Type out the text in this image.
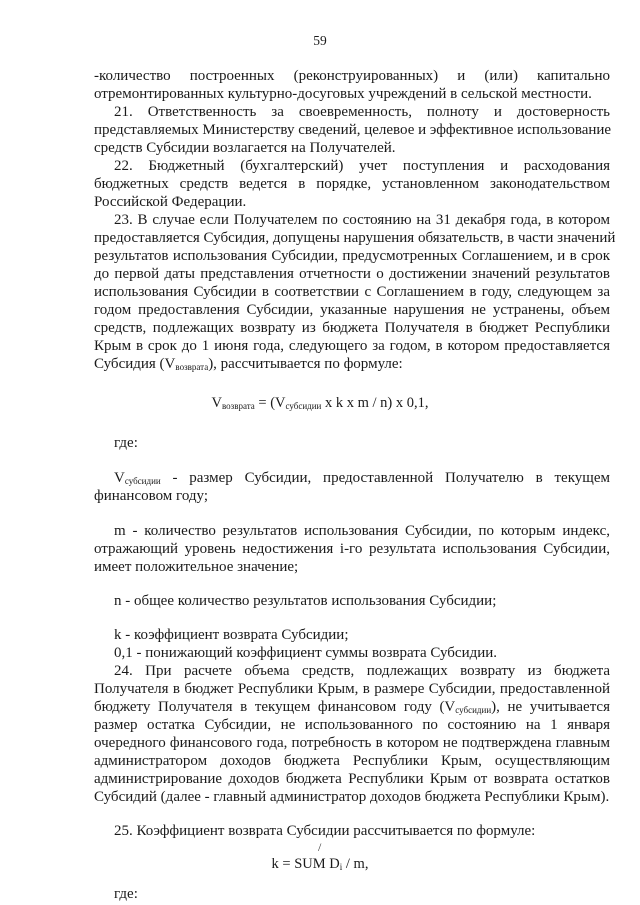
59
-количество построенных (реконструированных) и (или) капитально
отремонтированных культурно-досуговых учреждений в сельской местности.
21. Ответственность за своевременность, полноту и достоверность
представляемых Министерству сведений, целевое и эффективное использование
средств Субсидии возлагается на Получателей.
22. Бюджетный (бухгалтерский) учет поступления и расходования
бюджетных средств ведется в порядке, установленном законодательством
Российской Федерации.
23. В случае если Получателем по состоянию на 31 декабря года, в котором
предоставляется Субсидия, допущены нарушения обязательств, в части значений
результатов использования Субсидии, предусмотренных Соглашением, и в срок
до первой даты представления отчетности о достижении значений результатов
использования Субсидии в соответствии с Соглашением в году, следующем за
годом предоставления Субсидии, указанные нарушения не устранены, объем
средств, подлежащих возврату из бюджета Получателя в бюджет Республики
Крым в срок до 1 июня года, следующего за годом, в котором предоставляется
Субсидия (Vвозврата), рассчитывается по формуле:
Vвозврата = (Vсубсидии x k x m / n) x 0,1,
где:
Vсубсидии - размер Субсидии, предоставленной Получателю в текущем
финансовом году;
m - количество результатов использования Субсидии, по которым индекс,
отражающий уровень недостижения i-го результата использования Субсидии,
имеет положительное значение;
n - общее количество результатов использования Субсидии;
k - коэффициент возврата Субсидии;
0,1 - понижающий коэффициент суммы возврата Субсидии.
24. При расчете объема средств, подлежащих возврату из бюджета
Получателя в бюджет Республики Крым, в размере Субсидии, предоставленной
бюджету Получателя в текущем финансовом году (Vсубсидии), не учитывается
размер остатка Субсидии, не использованного по состоянию на 1 января
очередного финансового года, потребность в котором не подтверждена главным
администратором доходов бюджета Республики Крым, осуществляющим
администрирование доходов бюджета Республики Крым от возврата остатков
Субсидий (далее - главный администратор доходов бюджета Республики Крым).
25. Коэффициент возврата Субсидии рассчитывается по формуле:
/
k = SUM Di / m,
где:
